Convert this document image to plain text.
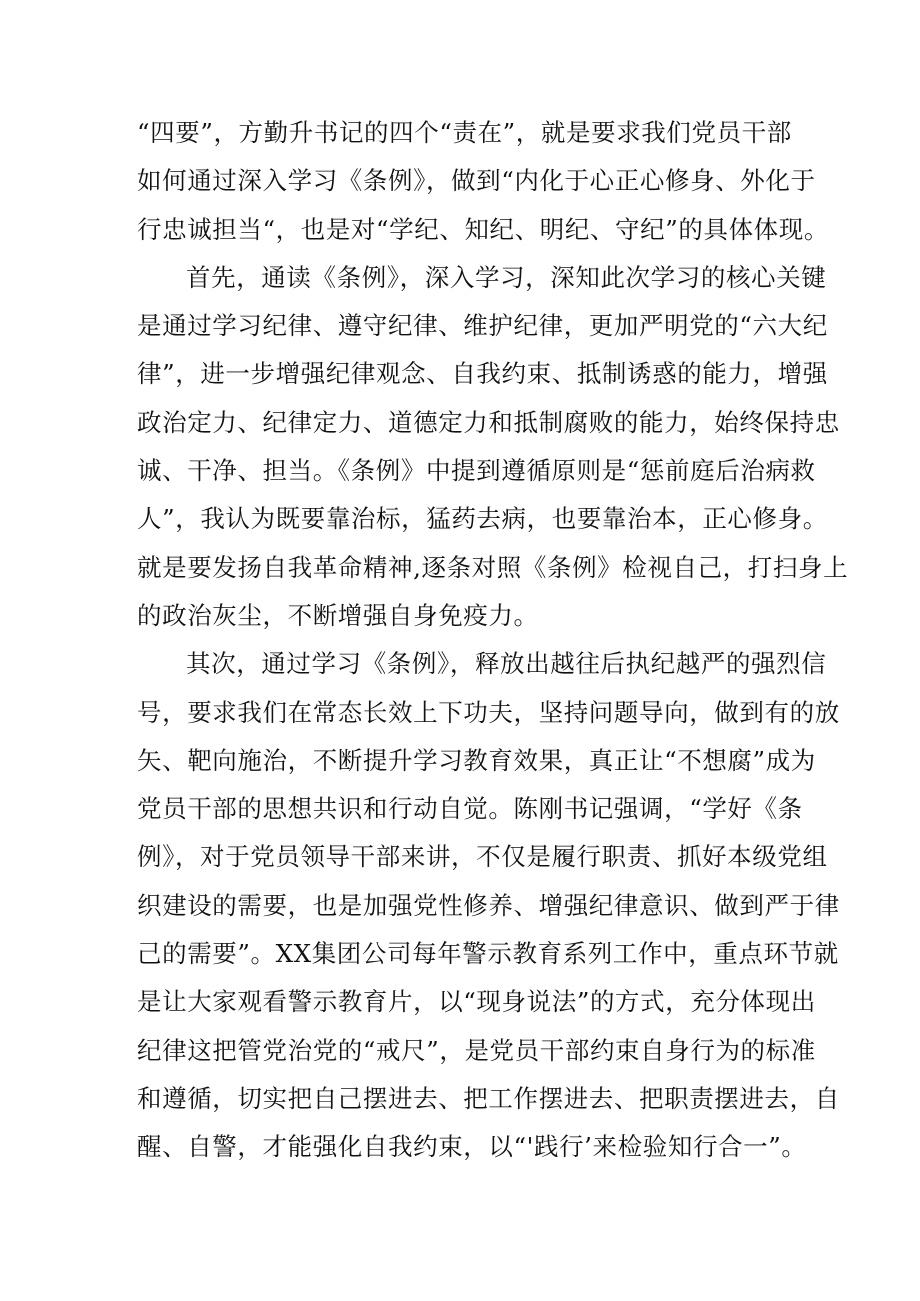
“四要”，方勤升书记的四个“责在”，就是要求我们党员干部
如何通过深入学习《条例》，做到“内化于心正心修身、外化于
行忠诚担当“，也是对“学纪、知纪、明纪、守纪”的具体体现。
首先，通读《条例》，深入学习，深知此次学习的核心关键
是通过学习纪律、遵守纪律、维护纪律，更加严明党的“六大纪
律”，进一步增强纪律观念、自我约束、抵制诱惑的能力，增强
政治定力、纪律定力、道德定力和抵制腐败的能力，始终保持忠
诚、干净、担当。《条例》中提到遵循原则是“惩前庭后治病救
人”，我认为既要靠治标，猛药去病，也要靠治本，正心修身。
就是要发扬自我革命精神,逐条对照《条例》检视自己，打扫身上
的政治灰尘，不断增强自身免疫力。
其次，通过学习《条例》，释放出越往后执纪越严的强烈信
号，要求我们在常态长效上下功夫，坚持问题导向，做到有的放
矢、靶向施治，不断提升学习教育效果，真正让“不想腐”成为
党员干部的思想共识和行动自觉。陈刚书记强调，“学好《条
例》，对于党员领导干部来讲，不仅是履行职责、抓好本级党组
织建设的需要，也是加强党性修养、增强纪律意识、做到严于律
己的需要”。XX集团公司每年警示教育系列工作中，重点环节就
是让大家观看警示教育片，以“现身说法”的方式，充分体现出
纪律这把管党治党的“戒尺”，是党员干部约束自身行为的标准
和遵循，切实把自己摆进去、把工作摆进去、把职责摆进去，自
醒、自警，才能强化自我约束，以“'践行’来检验知行合一”。
